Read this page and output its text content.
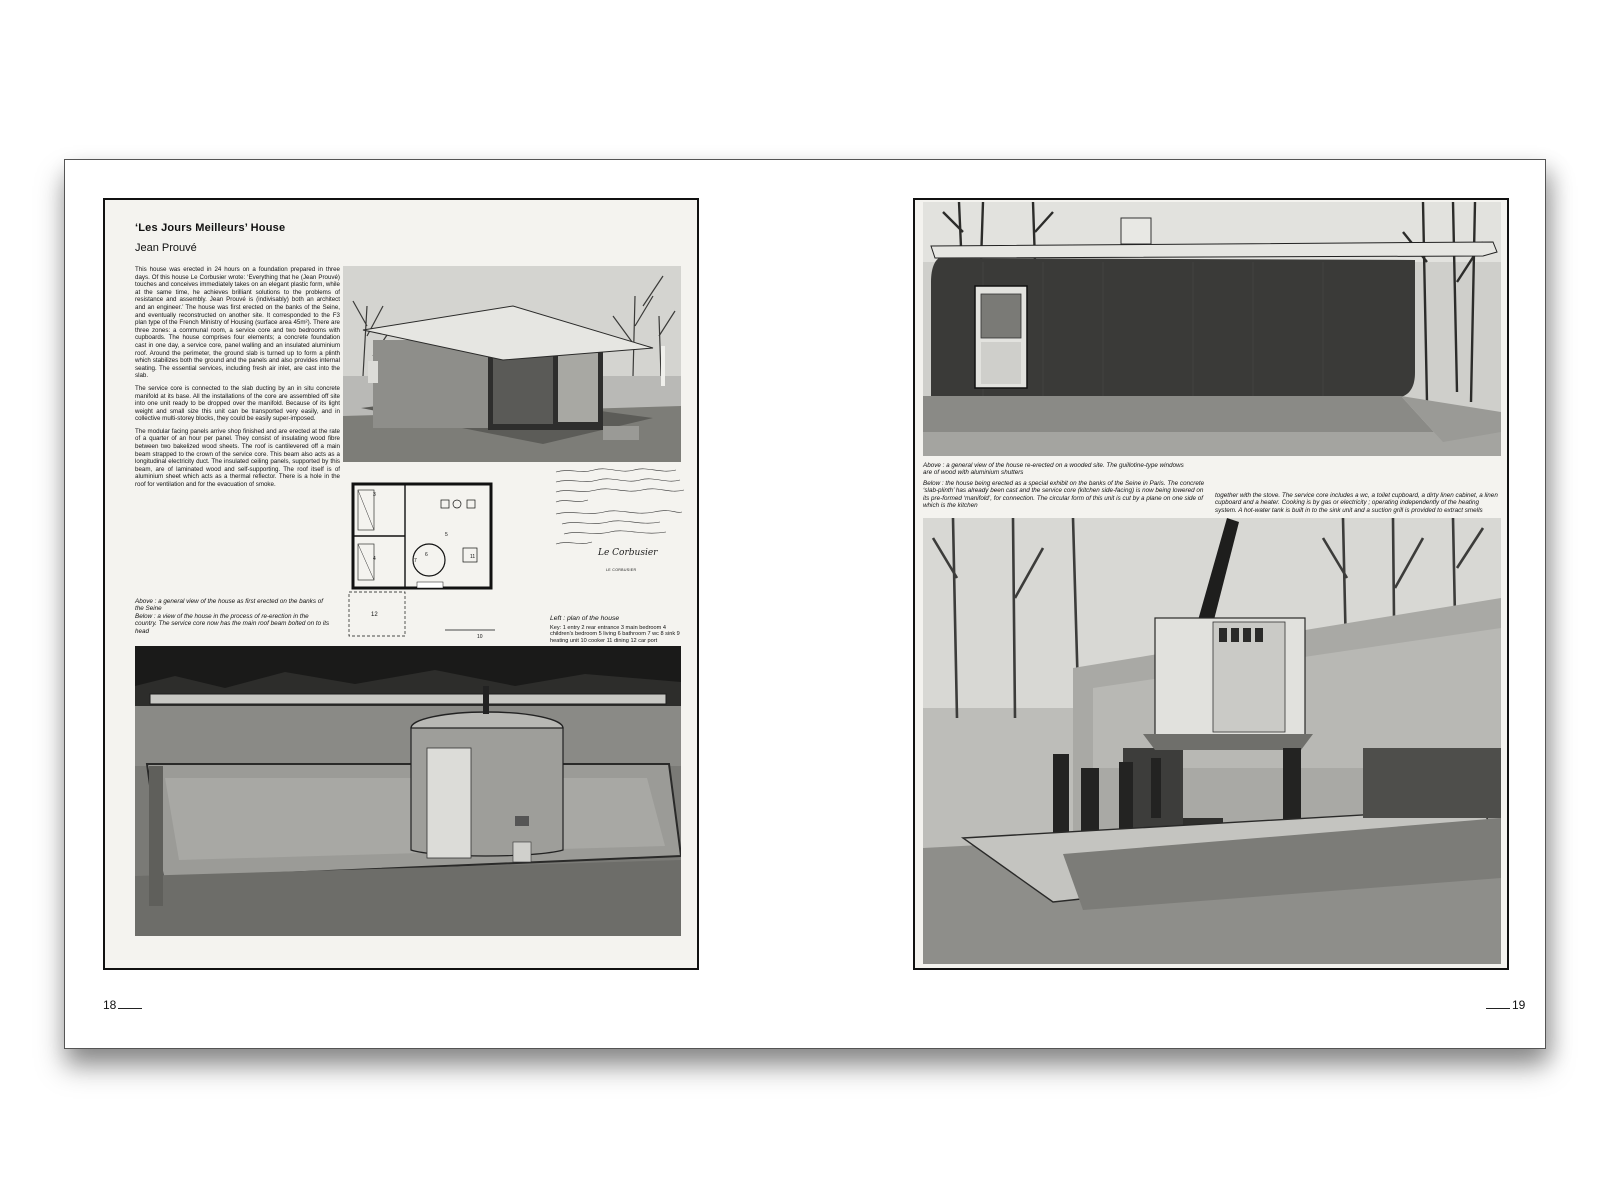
‘Les Jours Meilleurs’ House
Jean Prouvé

This house was erected in 24 hours on a foundation prepared in three days. Of this house Le Corbusier wrote: ‘Everything that he (Jean Prouvé) touches and conceives immediately takes on an elegant plastic form, while at the same time, he achieves brilliant solutions to the problems of resistance and assembly. Jean Prouvé is (indivisably) both an architect and an engineer.’ The house was first erected on the banks of the Seine, and eventually reconstructed on another site. It corresponded to the F3 plan type of the French Ministry of Housing (surface area 45m²). There are three zones: a communal room, a service core and two bedrooms with cupboards. The house comprises four elements; a concrete foundation cast in one day, a service core, panel walling and an insulated aluminium roof. Around the perimeter, the ground slab is turned up to form a plinth which stabilizes both the ground and the panels and also provides internal seating. The essential services, including fresh air inlet, are cast into the slab.

The service core is connected to the slab ducting by an in situ concrete manifold at its base. All the installations of the core are assembled off site into one unit ready to be dropped over the manifold. Because of its light weight and small size this unit can be transported very easily, and in collective multi-storey blocks, they could be easily super-imposed.

The modular facing panels arrive shop finished and are erected at the rate of a quarter of an hour per panel. They consist of insulating wood fibre between two bakelized wood sheets. The roof is cantilevered off a main beam strapped to the crown of the service core. This beam also acts as a longitudinal electricity duct. The insulated ceiling panels, supported by this beam, are of laminated wood and self-supporting. The roof itself is of aluminium sheet which acts as a thermal reflector. There is a hole in the roof for ventilation and for the evacuation of smoke.

12
3
4
5
6
7
11
10
Le Corbusier
LE CORBUSIER
Above : a general view of the house as first erected on the banks of the Seine
Below : a view of the house in the process of re-erection in the country. The service core now has the main roof beam bolted on to its head
Left : plan of the house
Key: 1 entry 2 rear entrance 3 main bedroom 4 children's bedroom 5 living 6 bathroom 7 wc 8 sink 9 heating unit 10 cooker 11 dining 12 car port
Above : a general view of the house re-erected on a wooded site. The guillotine-type windows are of wood with aluminium shutters
Below : the house being erected as a special exhibit on the banks of the Seine in Paris. The concrete ‘slab-plinth’ has already been cast and the service core (kitchen side-facing) is now being lowered on its pre-formed ‘manifold’, for connection. The circular form of this unit is cut by a plane on one side of which is the kitchen
together with the stove. The service core includes a wc, a toilet cupboard, a dirty linen cabinet, a linen cupboard and a heater. Cooking is by gas or electricity ; operating independently of the heating system. A hot-water tank is built in to the sink unit and a suction grill is provided to extract smells
18	19
